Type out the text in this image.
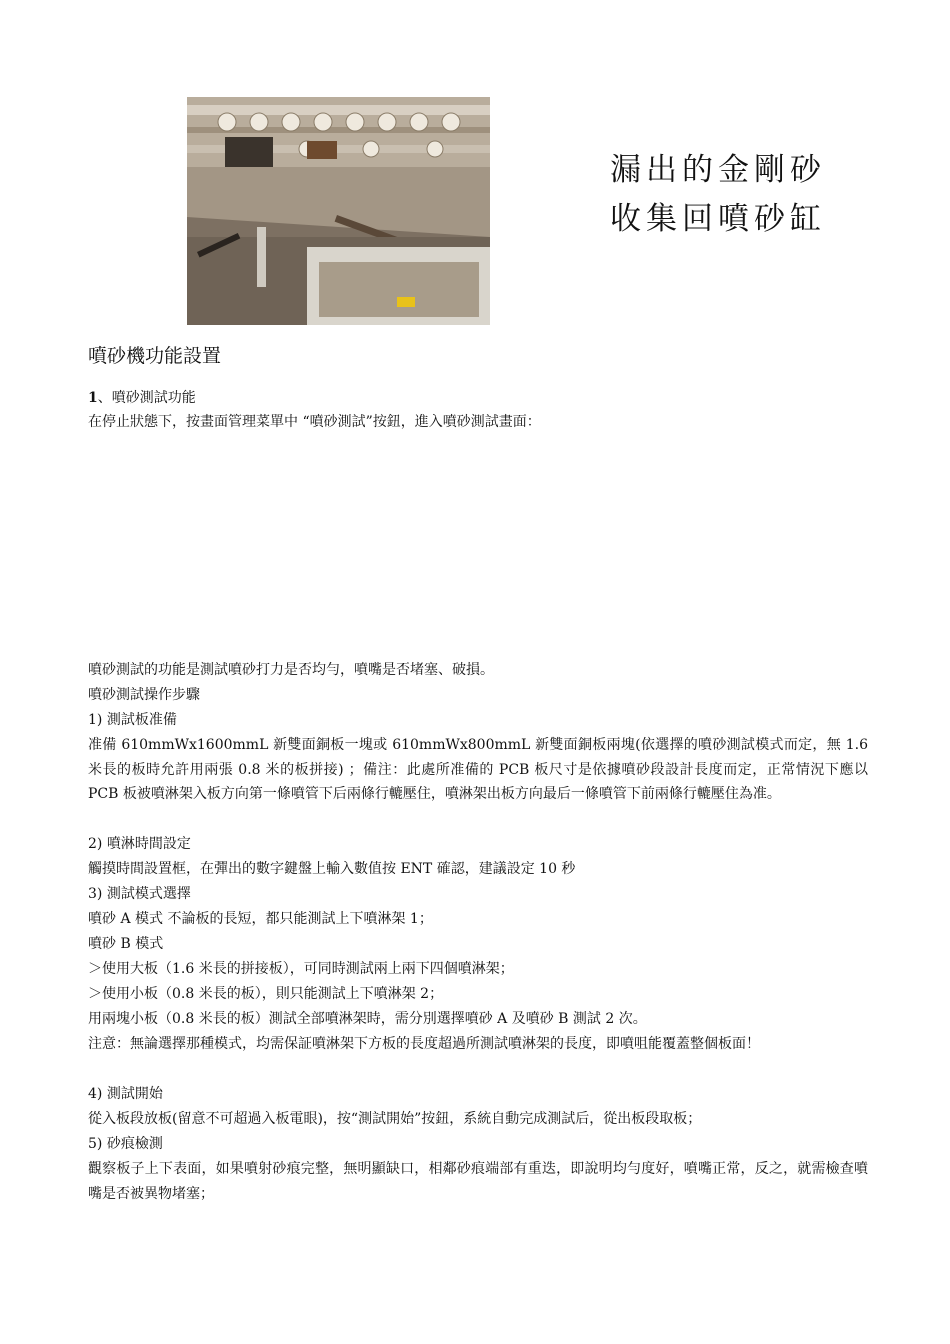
漏出的金剛砂
收集回噴砂缸
噴砂機功能設置
1、噴砂測試功能
在停止狀態下，按畫面管理菜單中 “噴砂測試”按鈕，進入噴砂測試畫面：
噴砂測試的功能是測試噴砂打力是否均勻，噴嘴是否堵塞、破損。
噴砂測試操作步驟
1) 測試板准備
准備 610mmWx1600mmL 新雙面銅板一塊或 610mmWx800mmL 新雙面銅板兩塊(依選擇的噴砂測試模式而定，無 1.6 米長的板時允許用兩張 0.8 米的板拼接) ；備注：此處所准備的 PCB 板尺寸是依據噴砂段設計長度而定，正常情況下應以 PCB 板被噴淋架入板方向第一條噴管下后兩條行轆壓住，噴淋架出板方向最后一條噴管下前兩條行轆壓住為准。
2) 噴淋時間設定
觸摸時間設置框，在彈出的數字鍵盤上輸入數值按 ENT 確認，建議設定 10 秒
3) 測試模式選擇
噴砂 A 模式 不論板的長短，都只能測試上下噴淋架 1；
噴砂 B 模式
＞使用大板（1.6 米長的拼接板），可同時測試兩上兩下四個噴淋架；
＞使用小板（0.8 米長的板），則只能測試上下噴淋架 2；
用兩塊小板（0.8 米長的板）測試全部噴淋架時，需分別選擇噴砂 A 及噴砂 B 測試 2 次。
注意：無論選擇那種模式，均需保証噴淋架下方板的長度超過所測試噴淋架的長度，即噴咀能覆蓋整個板面！
4) 測試開始
從入板段放板(留意不可超過入板電眼)，按“測試開始”按鈕，系統自動完成測試后，從出板段取板；
5) 砂痕檢測
觀察板子上下表面，如果噴射砂痕完整，無明顯缺口，相鄰砂痕端部有重迭，即說明均勻度好，噴嘴正常，反之，就需檢查噴嘴是否被異物堵塞；
